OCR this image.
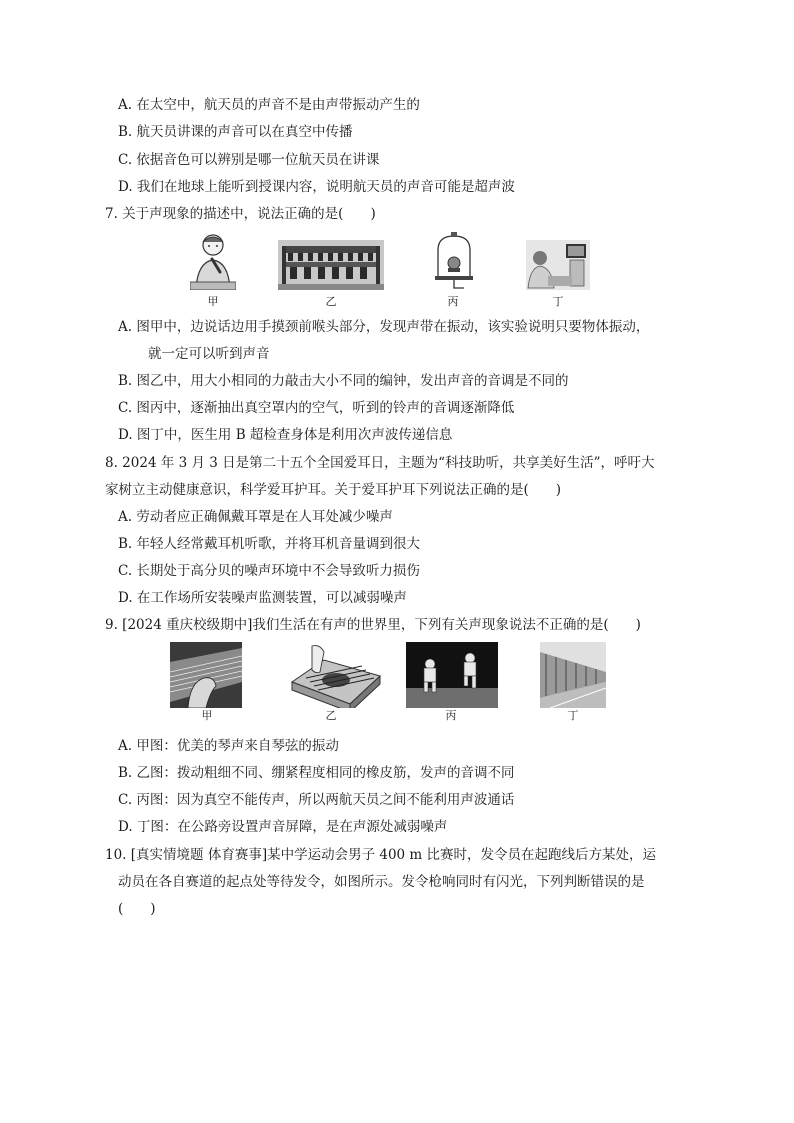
A. 在太空中，航天员的声音不是由声带振动产生的
B. 航天员讲课的声音可以在真空中传播
C. 依据音色可以辨别是哪一位航天员在讲课
D. 我们在地球上能听到授课内容，说明航天员的声音可能是超声波
7. 关于声现象的描述中，说法正确的是(　　)
甲	乙	丙	丁
A. 图甲中，边说话边用手摸颈前喉头部分，发现声带在振动，该实验说明只要物体振动，
就一定可以听到声音
B. 图乙中，用大小相同的力敲击大小不同的编钟，发出声音的音调是不同的
C. 图丙中，逐渐抽出真空罩内的空气，听到的铃声的音调逐渐降低
D. 图丁中，医生用 B 超检查身体是利用次声波传递信息
8. 2024 年 3 月 3 日是第二十五个全国爱耳日，主题为“科技助听，共享美好生活”，呼吁大
家树立主动健康意识，科学爱耳护耳。关于爱耳护耳下列说法正确的是(　　)
A. 劳动者应正确佩戴耳罩是在人耳处减少噪声
B. 年轻人经常戴耳机听歌，并将耳机音量调到很大
C. 长期处于高分贝的噪声环境中不会导致听力损伤
D. 在工作场所安装噪声监测装置，可以减弱噪声
9. [2024 重庆校级期中]我们生活在有声的世界里，下列有关声现象说法不正确的是(　　)
甲	乙	丙	丁
A. 甲图：优美的琴声来自琴弦的振动
B. 乙图：拨动粗细不同、绷紧程度相同的橡皮筋，发声的音调不同
C. 丙图：因为真空不能传声，所以两航天员之间不能利用声波通话
D. 丁图：在公路旁设置声音屏障，是在声源处减弱噪声
10. [真实情境题 体育赛事]某中学运动会男子 400 m 比赛时，发令员在起跑线后方某处，运
动员在各自赛道的起点处等待发令，如图所示。发令枪响同时有闪光，下列判断错误的是
(　　)
